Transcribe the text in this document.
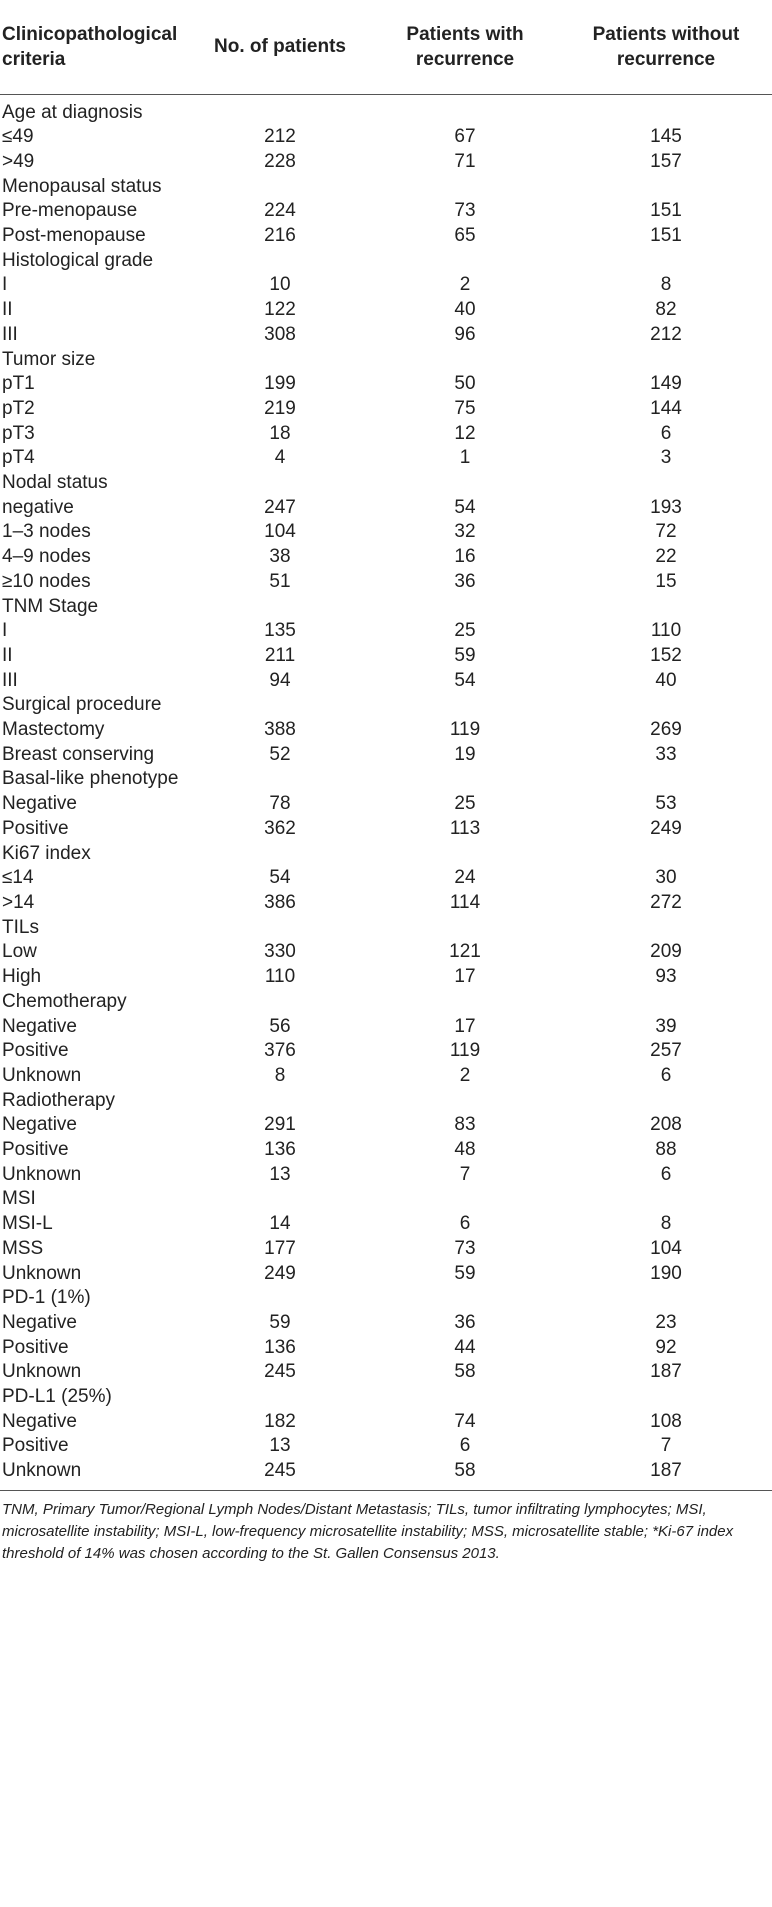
Clinicopathological criteria	No. of patients	Patients with recurrence	Patients without recurrence
Age at diagnosis			
≤49	212	67	145
>49	228	71	157
Menopausal status			
Pre-menopause	224	73	151
Post-menopause	216	65	151
Histological grade			
I	10	2	8
II	122	40	82
III	308	96	212
Tumor size			
pT1	199	50	149
pT2	219	75	144
pT3	18	12	6
pT4	4	1	3
Nodal status			
negative	247	54	193
1–3 nodes	104	32	72
4–9 nodes	38	16	22
≥10 nodes	51	36	15
TNM Stage			
I	135	25	110
II	211	59	152
III	94	54	40
Surgical procedure			
Mastectomy	388	119	269
Breast conserving	52	19	33
Basal-like phenotype			
Negative	78	25	53
Positive	362	113	249
Ki67 index			
≤14	54	24	30
>14	386	114	272
TILs			
Low	330	121	209
High	110	17	93
Chemotherapy			
Negative	56	17	39
Positive	376	119	257
Unknown	8	2	6
Radiotherapy			
Negative	291	83	208
Positive	136	48	88
Unknown	13	7	6
MSI			
MSI-L	14	6	8
MSS	177	73	104
Unknown	249	59	190
PD-1 (1%)			
Negative	59	36	23
Positive	136	44	92
Unknown	245	58	187
PD-L1 (25%)			
Negative	182	74	108
Positive	13	6	7
Unknown	245	58	187
TNM, Primary Tumor/Regional Lymph Nodes/Distant Metastasis; TILs, tumor infiltrating lymphocytes; MSI, microsatellite instability; MSI-L, low-frequency microsatellite instability; MSS, microsatellite stable; *Ki-67 index threshold of 14% was chosen according to the St. Gallen Consensus 2013.
